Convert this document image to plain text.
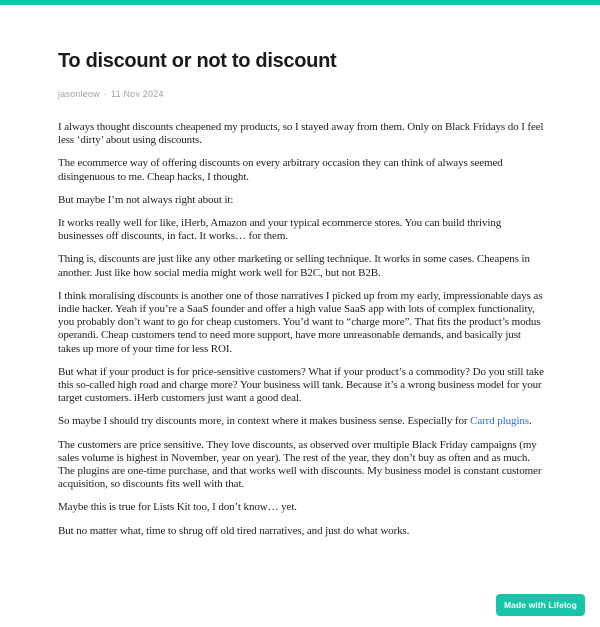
To discount or not to discount
jasonleow · 11 Nov 2024

I always thought discounts cheapened my products, so I stayed away from them. Only on Black Fridays do I feel less ‘dirty’ about using discounts.

The ecommerce way of offering discounts on every arbitrary occasion they can think of always seemed disingenuous to me. Cheap hacks, I thought.

But maybe I’m not always right about it:

It works really well for like, iHerb, Amazon and your typical ecommerce stores. You can build thriving businesses off discounts, in fact. It works… for them.

Thing is, discounts are just like any other marketing or selling technique. It works in some cases. Cheapens in another. Just like how social media might work well for B2C, but not B2B.

I think moralising discounts is another one of those narratives I picked up from my early, impressionable days as indie hacker. Yeah if you’re a SaaS founder and offer a high value SaaS app with lots of complex functionality, you probably don’t want to go for cheap customers. You’d want to “charge more”. That fits the product’s modus operandi. Cheap customers tend to need more support, have more unreasonable demands, and basically just takes up more of your time for less ROI.

But what if your product is for price-sensitive customers? What if your product’s a commodity? Do you still take this so-called high road and charge more? Your business will tank. Because it’s a wrong business model for your target customers. iHerb customers just want a good deal.

So maybe I should try discounts more, in context where it makes business sense. Especially for Carrd plugins.

The customers are price sensitive. They love discounts, as observed over multiple Black Friday campaigns (my sales volume is highest in November, year on year). The rest of the year, they don’t buy as often and as much. The plugins are one-time purchase, and that works well with discounts. My business model is constant customer acquisition, so discounts fits well with that.

Maybe this is true for Lists Kit too, I don’t know… yet.

But no matter what, time to shrug off old tired narratives, and just do what works.

Made with Lifelog
